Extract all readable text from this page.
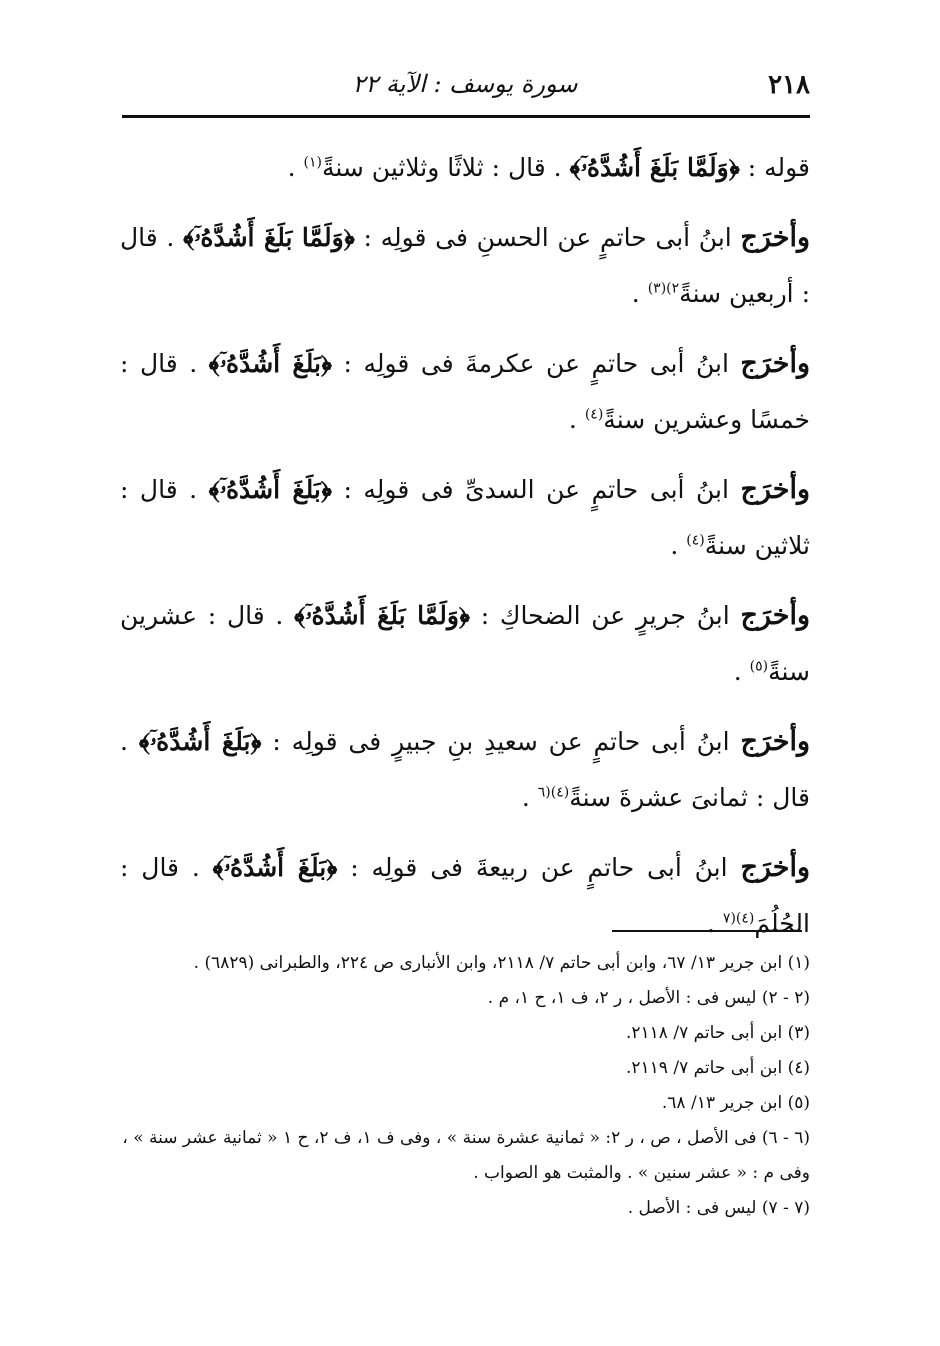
سورة يوسف : الآية ٢٢	٢١٨

قوله : ﴿وَلَمَّا بَلَغَ أَشُدَّهُۥٓ﴾ . قال : ثلاثًا وثلاثين سنةً$^{(١)}$ .

وأخرَج ابنُ أبى حاتمٍ عن الحسنِ فى قولِه : ﴿وَلَمَّا بَلَغَ أَشُدَّهُۥٓ﴾ . قال : أربعين سنةً$^{٢)(٣)}$ .

وأخرَج ابنُ أبى حاتمٍ عن عكرمةَ فى قولِه : ﴿بَلَغَ أَشُدَّهُۥٓ﴾ . قال : خمسًا وعشرين سنةً$^{(٤)}$ .

وأخرَج ابنُ أبى حاتمٍ عن السدىِّ فى قولِه : ﴿بَلَغَ أَشُدَّهُۥٓ﴾ . قال : ثلاثين سنةً$^{(٤)}$ .

وأخرَج ابنُ جريرٍ عن الضحاكِ : ﴿وَلَمَّا بَلَغَ أَشُدَّهُۥٓ﴾ . قال : عشرين سنةً$^{(٥)}$ .

وأخرَج ابنُ أبى حاتمٍ عن سعيدِ بنِ جبيرٍ فى قولِه : ﴿بَلَغَ أَشُدَّهُۥٓ﴾ . قال : ثمانىَ عشرةَ سنةً$^{(٤)(٦}$ .

وأخرَج ابنُ أبى حاتمٍ عن ربيعةَ فى قولِه : ﴿بَلَغَ أَشُدَّهُۥٓ﴾ . قال : الحُلُمَ$^{(٤)(٧}$ .

(١) ابن جرير ١٣/ ٦٧، وابن أبى حاتم ٧/ ٢١١٨، وابن الأنبارى ص ٢٢٤، والطبرانى (٦٨٢٩) .
(٢ - ٢) ليس فى : الأصل ، ر ٢، ف ١، ح ١، م .
(٣) ابن أبى حاتم ٧/ ٢١١٨.
(٤) ابن أبى حاتم ٧/ ٢١١٩.
(٥) ابن جرير ١٣/ ٦٨.
(٦ - ٦) فى الأصل ، ص ، ر ٢: « ثمانية عشرة سنة » ، وفى ف ١، ف ٢، ح ١ « ثمانية عشر سنة » ،
وفى م : « عشر سنين » . والمثبت هو الصواب .
(٧ - ٧) ليس فى : الأصل .
